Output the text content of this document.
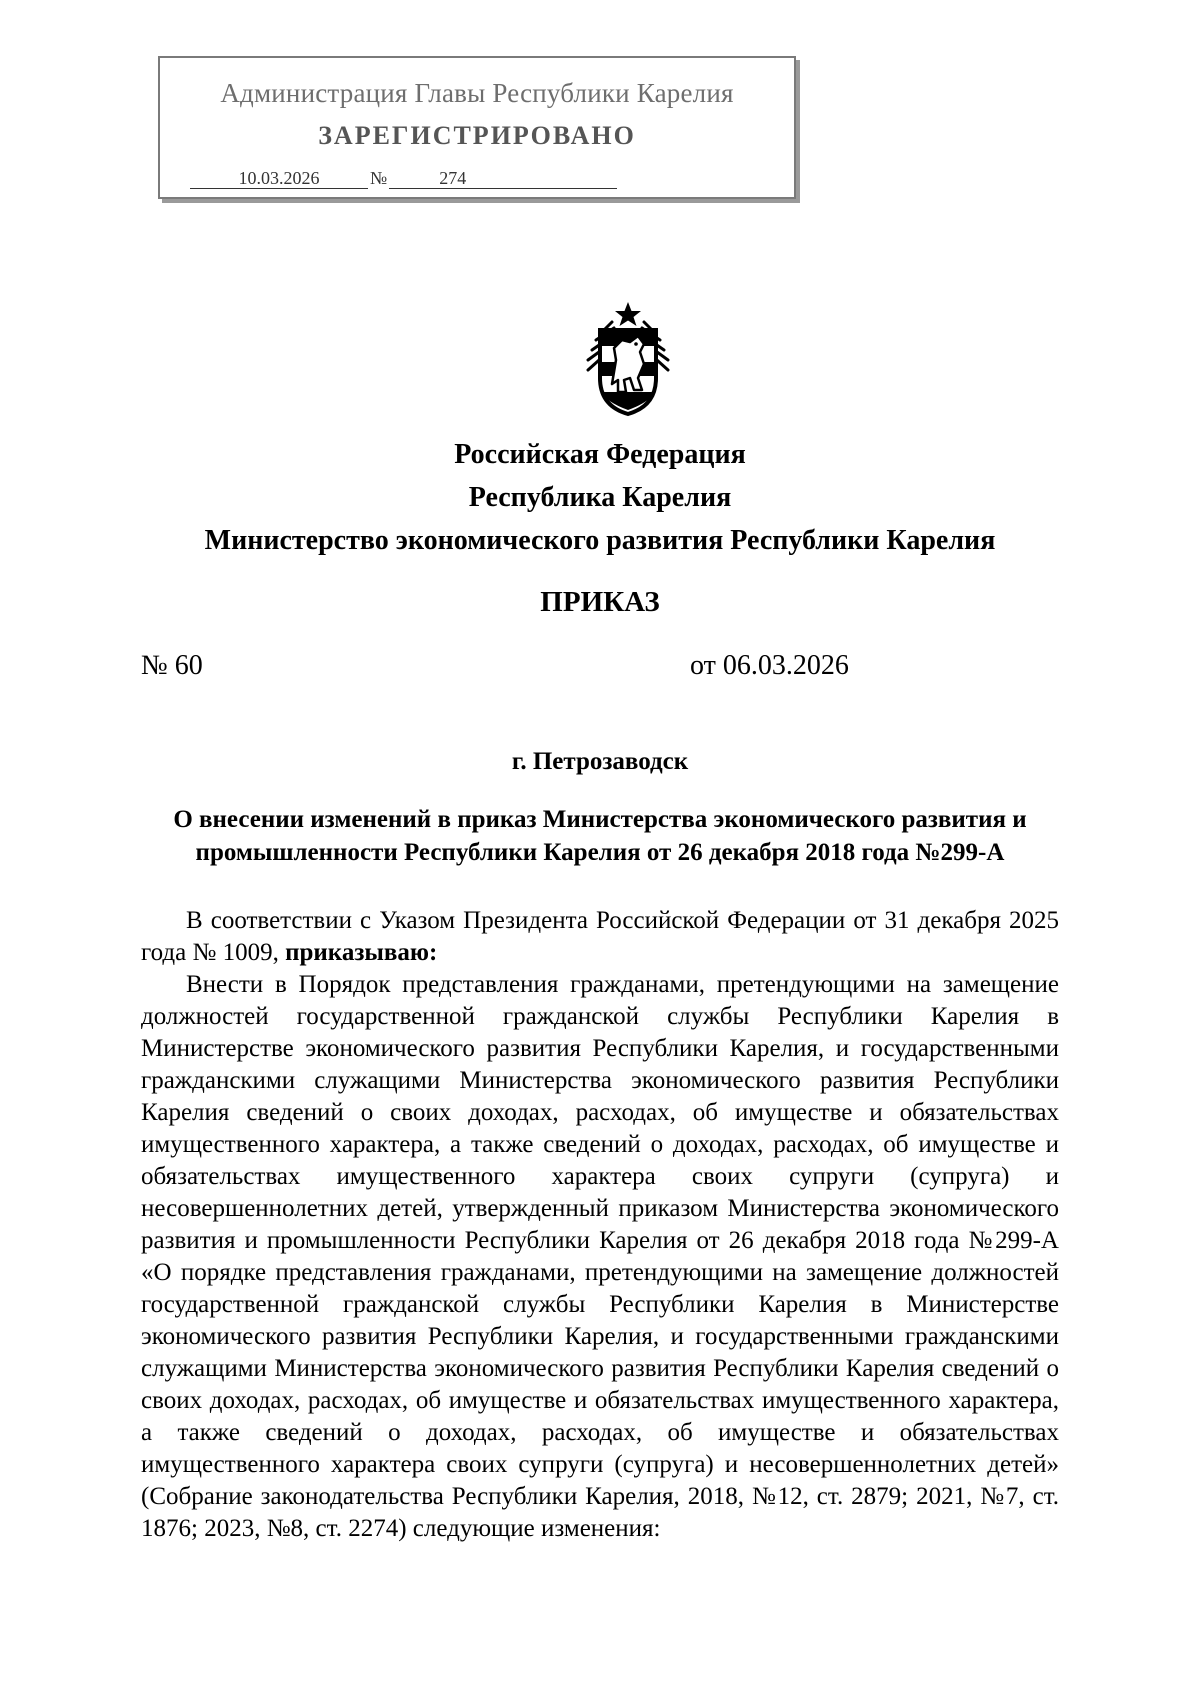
Администрация Главы Республики Карелия
ЗАРЕГИСТРИРОВАНО
10.03.2026	№	274
Российская Федерация
Республика Карелия
Министерство экономического развития Республики Карелия
ПРИКАЗ
№ 60	от 06.03.2026
г. Петрозаводск
О внесении изменений в приказ Министерства экономического развития и промышленности Республики Карелия от 26 декабря 2018 года №299-А
В соответствии с Указом Президента Российской Федерации от 31 декабря 2025 года № 1009, приказываю:
Внести в Порядок представления гражданами, претендующими на замещение должностей государственной гражданской службы Республики Карелия в Министерстве экономического развития Республики Карелия, и государственными гражданскими служащими Министерства экономического развития Республики Карелия сведений о своих доходах, расходах, об имуществе и обязательствах имущественного характера, а также сведений о доходах, расходах, об имуществе и обязательствах имущественного характера своих супруги (супруга) и несовершеннолетних детей, утвержденный приказом Министерства экономического развития и промышленности Республики Карелия от 26 декабря 2018 года №299-А «О порядке представления гражданами, претендующими на замещение должностей государственной гражданской службы Республики Карелия в Министерстве экономического развития Республики Карелия, и государственными гражданскими служащими Министерства экономического развития Республики Карелия сведений о своих доходах, расходах, об имуществе и обязательствах имущественного характера, а также сведений о доходах, расходах, об имуществе и обязательствах имущественного характера своих супруги (супруга) и несовершеннолетних детей» (Собрание законодательства Республики Карелия, 2018, №12, ст. 2879; 2021, №7, ст. 1876; 2023, №8, ст. 2274) следующие изменения:
